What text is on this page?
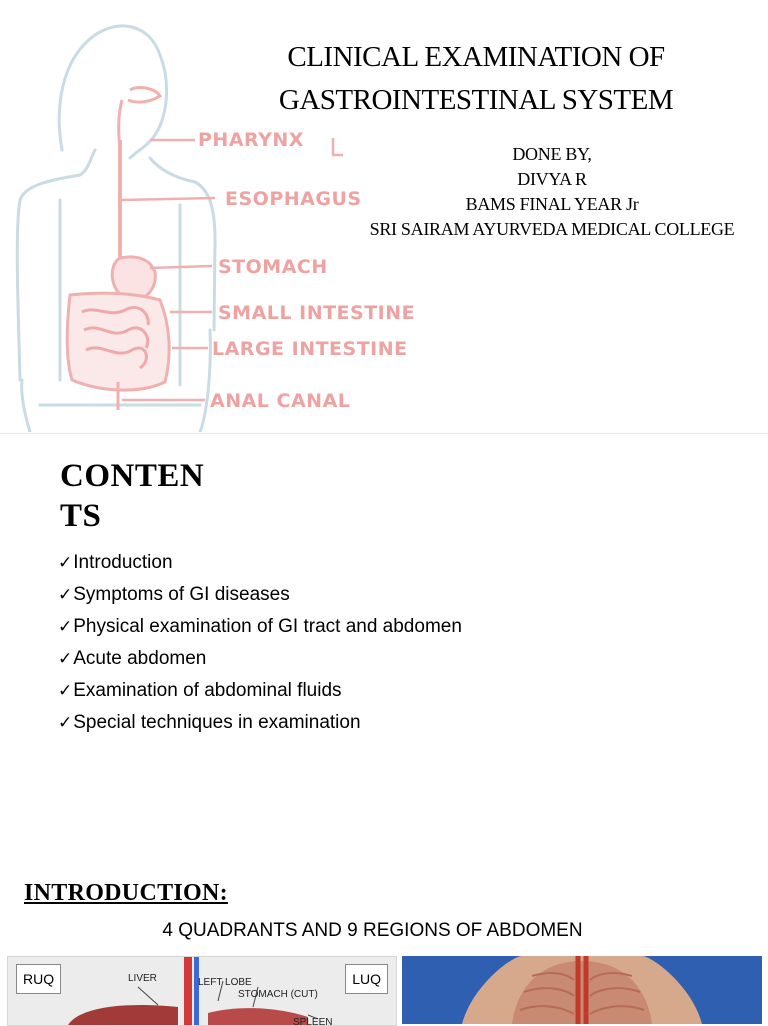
PHARYNX
ESOPHAGUS
STOMACH
SMALL INTESTINE
LARGE INTESTINE
ANAL CANAL
CLINICAL EXAMINATION OF
GASTROINTESTINAL SYSTEM
DONE BY,
DIVYA R
BAMS FINAL YEAR Jr
SRI SAIRAM AYURVEDA MEDICAL COLLEGE
CONTEN
TS
✓Introduction
✓Symptoms of GI diseases
✓Physical examination of GI tract and abdomen
✓Acute abdomen
✓Examination of abdominal fluids
✓Special techniques in examination
INTRODUCTION:
4 QUADRANTS AND 9 REGIONS OF ABDOMEN
RUQ	LUQ
LIVER	LEFT LOBE
STOMACH (CUT)
SPLEEN
